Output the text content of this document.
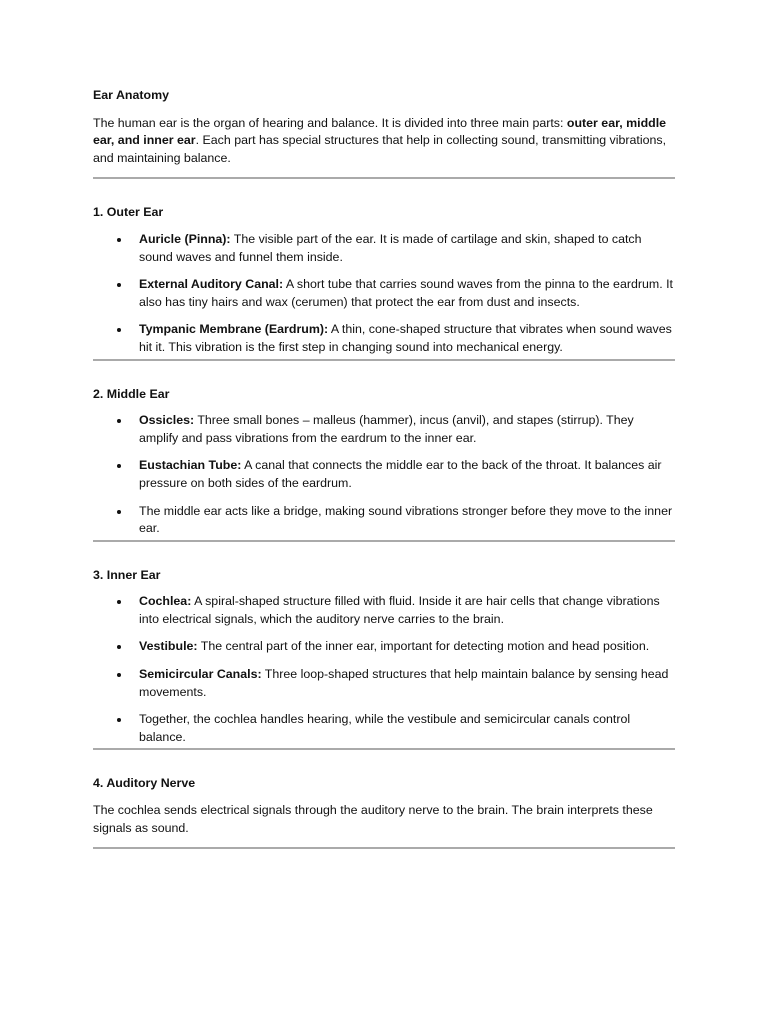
Ear Anatomy

The human ear is the organ of hearing and balance. It is divided into three main parts: outer ear, middle ear, and inner ear. Each part has special structures that help in collecting sound, transmitting vibrations, and maintaining balance.

1. Outer Ear
Auricle (Pinna): The visible part of the ear. It is made of cartilage and skin, shaped to catch sound waves and funnel them inside.
External Auditory Canal: A short tube that carries sound waves from the pinna to the eardrum. It also has tiny hairs and wax (cerumen) that protect the ear from dust and insects.
Tympanic Membrane (Eardrum): A thin, cone-shaped structure that vibrates when sound waves hit it. This vibration is the first step in changing sound into mechanical energy.
2. Middle Ear
Ossicles: Three small bones – malleus (hammer), incus (anvil), and stapes (stirrup). They amplify and pass vibrations from the eardrum to the inner ear.
Eustachian Tube: A canal that connects the middle ear to the back of the throat. It balances air pressure on both sides of the eardrum.
The middle ear acts like a bridge, making sound vibrations stronger before they move to the inner ear.
3. Inner Ear
Cochlea: A spiral-shaped structure filled with fluid. Inside it are hair cells that change vibrations into electrical signals, which the auditory nerve carries to the brain.
Vestibule: The central part of the inner ear, important for detecting motion and head position.
Semicircular Canals: Three loop-shaped structures that help maintain balance by sensing head movements.
Together, the cochlea handles hearing, while the vestibule and semicircular canals control balance.
4. Auditory Nerve

The cochlea sends electrical signals through the auditory nerve to the brain. The brain interprets these signals as sound.
